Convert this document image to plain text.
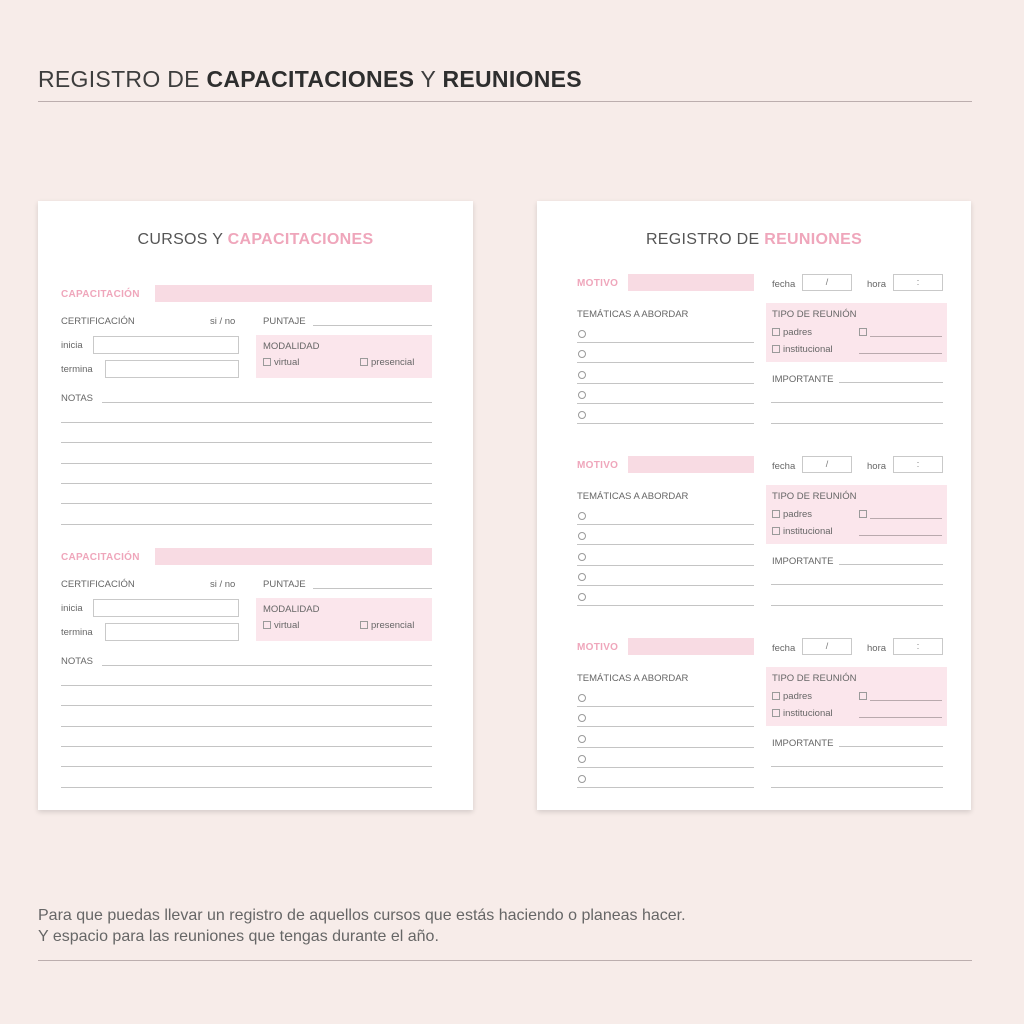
REGISTRO DE CAPACITACIONES Y REUNIONES
CURSOS Y CAPACITACIONES
CAPACITACIÓN
CERTIFICACIÓN	si / no	PUNTAJE
inicia
termina
MODALIDAD
virtual	presencial
NOTAS
CAPACITACIÓN
CERTIFICACIÓN	si / no	PUNTAJE
inicia
termina
MODALIDAD
virtual	presencial
NOTAS
REGISTRO DE REUNIONES
MOTIVO	fecha	/	hora	:
TEMÁTICAS A ABORDAR	TIPO DE REUNIÓN
padres
institucional
IMPORTANTE
MOTIVO	fecha	/	hora	:
TEMÁTICAS A ABORDAR	TIPO DE REUNIÓN
padres
institucional
IMPORTANTE
MOTIVO	fecha	/	hora	:
TEMÁTICAS A ABORDAR	TIPO DE REUNIÓN
padres
institucional
IMPORTANTE
Para que puedas llevar un registro de aquellos cursos que estás haciendo o planeas hacer.
Y espacio para las reuniones que tengas durante el año.
